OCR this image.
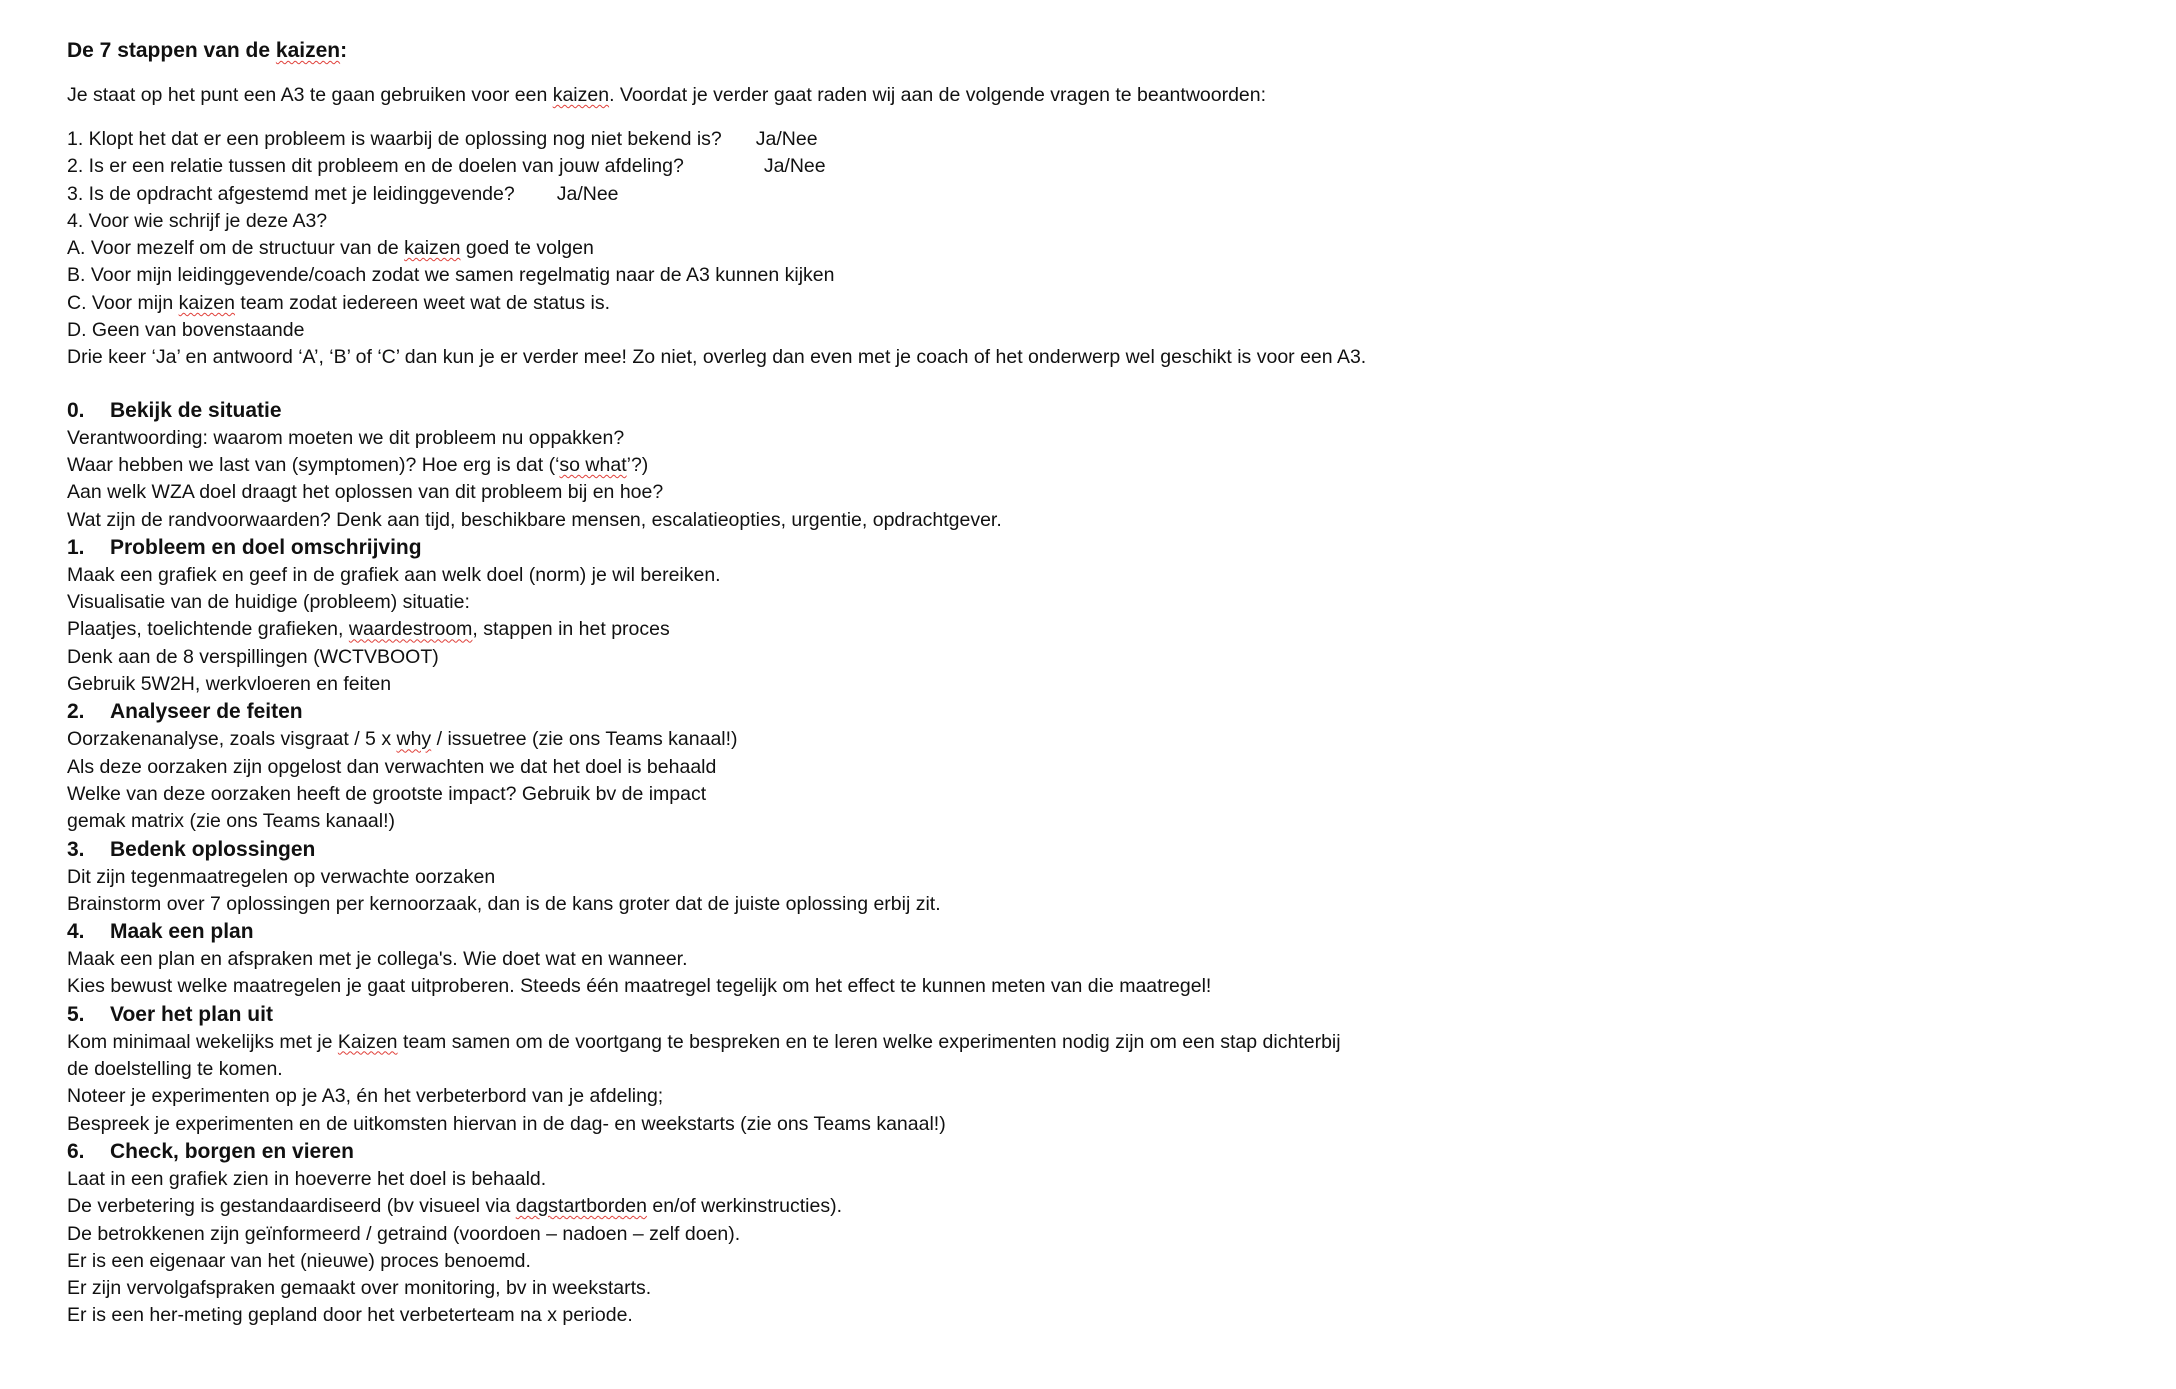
De 7 stappen van de kaizen:
Je staat op het punt een A3 te gaan gebruiken voor een kaizen. Voordat je verder gaat raden wij aan de volgende vragen te beantwoorden:
1. Klopt het dat er een probleem is waarbij de oplossing nog niet bekend is? Ja/Nee
2. Is er een relatie tussen dit probleem en de doelen van jouw afdeling?	Ja/Nee
3. Is de opdracht afgestemd met je leidinggevende? Ja/Nee
4. Voor wie schrijf je deze A3?
A. Voor mezelf om de structuur van de kaizen goed te volgen
B. Voor mijn leidinggevende/coach zodat we samen regelmatig naar de A3 kunnen kijken
C. Voor mijn kaizen team zodat iedereen weet wat de status is.
D. Geen van bovenstaande
Drie keer ‘Ja’ en antwoord ‘A’, ‘B’ of ‘C’ dan kun je er verder mee! Zo niet, overleg dan even met je coach of het onderwerp wel geschikt is voor een A3.
0. Bekijk de situatie
Verantwoording: waarom moeten we dit probleem nu oppakken?
Waar hebben we last van (symptomen)? Hoe erg is dat (‘so what’?)
Aan welk WZA doel draagt het oplossen van dit probleem bij en hoe?
Wat zijn de randvoorwaarden? Denk aan tijd, beschikbare mensen, escalatieopties, urgentie, opdrachtgever.
1. Probleem en doel omschrijving
Maak een grafiek en geef in de grafiek aan welk doel (norm) je wil bereiken.
Visualisatie van de huidige (probleem) situatie:
Plaatjes, toelichtende grafieken, waardestroom, stappen in het proces
Denk aan de 8 verspillingen (WCTVBOOT)
Gebruik 5W2H, werkvloeren en feiten
2. Analyseer de feiten
Oorzakenanalyse, zoals visgraat / 5 x why / issuetree (zie ons Teams kanaal!)
Als deze oorzaken zijn opgelost dan verwachten we dat het doel is behaald
Welke van deze oorzaken heeft de grootste impact? Gebruik bv de impact
gemak matrix (zie ons Teams kanaal!)
3. Bedenk oplossingen
Dit zijn tegenmaatregelen op verwachte oorzaken
Brainstorm over 7 oplossingen per kernoorzaak, dan is de kans groter dat de juiste oplossing erbij zit.
4. Maak een plan
Maak een plan en afspraken met je collega's. Wie doet wat en wanneer.
Kies bewust welke maatregelen je gaat uitproberen. Steeds één maatregel tegelijk om het effect te kunnen meten van die maatregel!
5. Voer het plan uit
Kom minimaal wekelijks met je Kaizen team samen om de voortgang te bespreken en te leren welke experimenten nodig zijn om een stap dichterbij
de doelstelling te komen.
Noteer je experimenten op je A3, én het verbeterbord van je afdeling;
Bespreek je experimenten en de uitkomsten hiervan in de dag- en weekstarts (zie ons Teams kanaal!)
6. Check, borgen en vieren
Laat in een grafiek zien in hoeverre het doel is behaald.
De verbetering is gestandaardiseerd (bv visueel via dagstartborden en/of werkinstructies).
De betrokkenen zijn geïnformeerd / getraind (voordoen – nadoen – zelf doen).
Er is een eigenaar van het (nieuwe) proces benoemd.
Er zijn vervolgafspraken gemaakt over monitoring, bv in weekstarts.
Er is een her-meting gepland door het verbeterteam na x periode.
